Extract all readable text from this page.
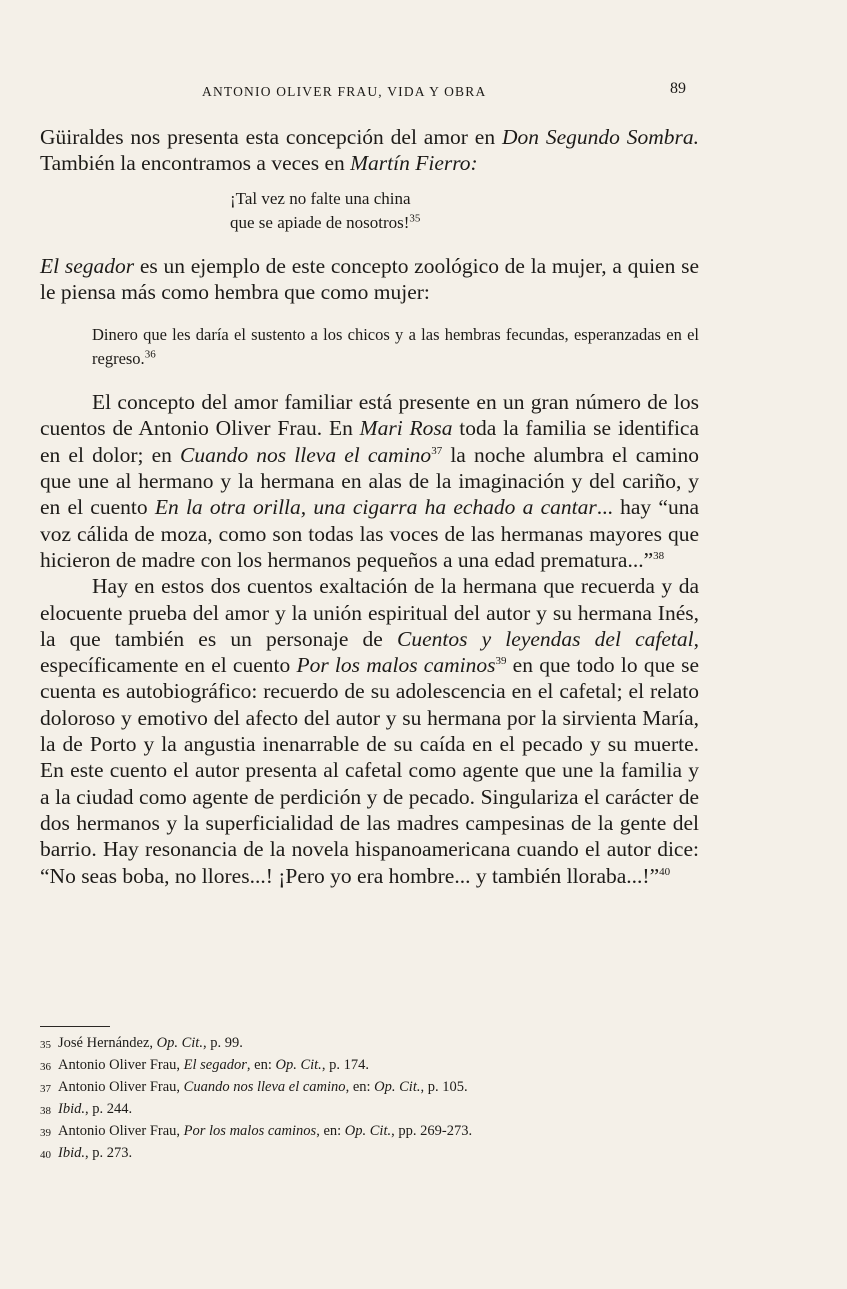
ANTONIO OLIVER FRAU, VIDA Y OBRA	89

Güiraldes nos presenta esta concepción del amor en Don Segundo Sombra. También la encontramos a veces en Martín Fierro:

¡Tal vez no falte una china
que se apiade de nosotros!$^{35}$

El segador es un ejemplo de este concepto zoológico de la mujer, a quien se le piensa más como hembra que como mujer:

Dinero que les daría el sustento a los chicos y a las hembras fecundas, esperanzadas en el regreso.$^{36}$

El concepto del amor familiar está presente en un gran número de los cuentos de Antonio Oliver Frau. En Mari Rosa toda la familia se identifica en el dolor; en Cuando nos lleva el camino$^{37}$ la noche alumbra el camino que une al hermano y la hermana en alas de la imaginación y del cariño, y en el cuento En la otra orilla, una cigarra ha echado a cantar... hay “una voz cálida de moza, como son todas las voces de las hermanas mayores que hicieron de madre con los hermanos pequeños a una edad prematura...”$^{38}$

Hay en estos dos cuentos exaltación de la hermana que recuerda y da elocuente prueba del amor y la unión espiritual del autor y su hermana Inés, la que también es un personaje de Cuentos y leyendas del cafetal, específicamente en el cuento Por los malos caminos$^{39}$ en que todo lo que se cuenta es autobiográfico: recuerdo de su adolescencia en el cafetal; el relato doloroso y emotivo del afecto del autor y su hermana por la sirvienta María, la de Porto y la angustia inenarrable de su caída en el pecado y su muerte. En este cuento el autor presenta al cafetal como agente que une la familia y a la ciudad como agente de perdición y de pecado. Singulariza el carácter de dos hermanos y la superficialidad de las madres campesinas de la gente del barrio. Hay resonancia de la novela hispanoamericana cuando el autor dice: “No seas boba, no llores...! ¡Pero yo era hombre... y también lloraba...!”$^{40}$

35 José Hernández, Op. Cit., p. 99.
36 Antonio Oliver Frau, El segador, en: Op. Cit., p. 174.
37 Antonio Oliver Frau, Cuando nos lleva el camino, en: Op. Cit., p. 105.
38 Ibid., p. 244.
39 Antonio Oliver Frau, Por los malos caminos, en: Op. Cit., pp. 269-273.
40 Ibid., p. 273.
